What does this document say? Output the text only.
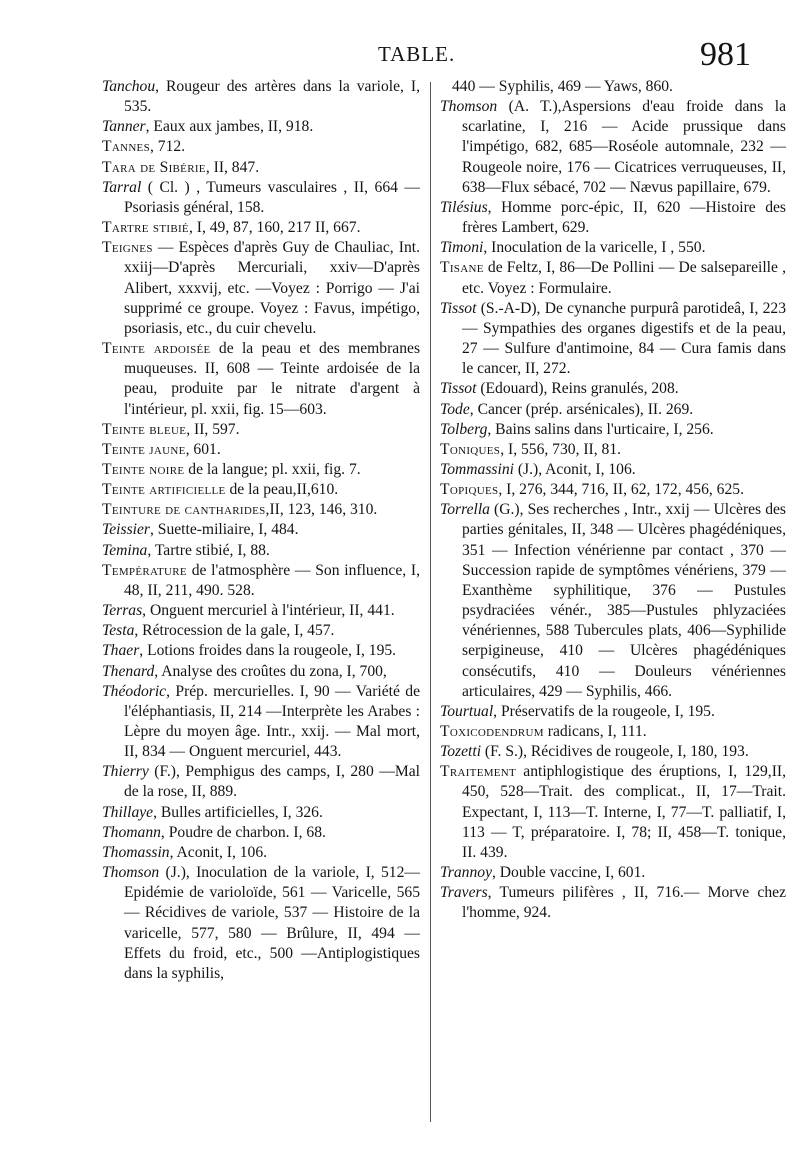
TABLE.	981
Tanchou, Rougeur des artères dans la variole, I, 535.
Tanner, Eaux aux jambes, II, 918.
Tannes, 712.
Tara de Sibérie, II, 847.
Tarral ( Cl. ) , Tumeurs vasculaires , II, 664 — Psoriasis général, 158.
Tartre stibié, I, 49, 87, 160, 217 II, 667.
Teignes — Espèces d'après Guy de Chauliac, Int. xxiij—D'après Mercuriali, xxiv—D'après Alibert, xxxvij, etc. —Voyez : Porrigo — J'ai supprimé ce groupe. Voyez : Favus, impétigo, psoriasis, etc., du cuir chevelu.
Teinte ardoisée de la peau et des membranes muqueuses. II, 608 — Teinte ardoisée de la peau, produite par le nitrate d'argent à l'intérieur, pl. xxii, fig. 15—603.
Teinte bleue, II, 597.
Teinte jaune, 601.
Teinte noire de la langue; pl. xxii, fig. 7.
Teinte artificielle de la peau,II,610.
Teinture de cantharides,II, 123, 146, 310.
Teissier, Suette-miliaire, I, 484.
Temina, Tartre stibié, I, 88.
Température de l'atmosphère — Son influence, I, 48, II, 211, 490. 528.
Terras, Onguent mercuriel à l'intérieur, II, 441.
Testa, Rétrocession de la gale, I, 457.
Thaer, Lotions froides dans la rougeole, I, 195.
Thenard, Analyse des croûtes du zona, I, 700,
Théodoric, Prép. mercurielles. I, 90 — Variété de l'éléphantiasis, II, 214 —Interprète les Arabes : Lèpre du moyen âge. Intr., xxij. — Mal mort, II, 834 — Onguent mercuriel, 443.
Thierry (F.), Pemphigus des camps, I, 280 —Mal de la rose, II, 889.
Thillaye, Bulles artificielles, I, 326.
Thomann, Poudre de charbon. I, 68.
Thomassin, Aconit, I, 106.
Thomson (J.), Inoculation de la variole, I, 512—Epidémie de varioloïde, 561 — Varicelle, 565 — Récidives de variole, 537 — Histoire de la varicelle, 577, 580 — Brûlure, II, 494 — Effets du froid, etc., 500 —Antiplogistiques dans la syphilis,
440 — Syphilis, 469 — Yaws, 860.
Thomson (A. T.),Aspersions d'eau froide dans la scarlatine, I, 216 — Acide prussique dans l'impétigo, 682, 685—Roséole automnale, 232 — Rougeole noire, 176 — Cicatrices verruqueuses, II, 638—Flux sébacé, 702 — Nævus papillaire, 679.
Tilésius, Homme porc-épic, II, 620 —Histoire des frères Lambert, 629.
Timoni, Inoculation de la varicelle, I , 550.
Tisane de Feltz, I, 86—De Pollini — De salsepareille , etc. Voyez : Formulaire.
Tissot (S.-A-D), De cynanche purpurâ parotideâ, I, 223 — Sympathies des organes digestifs et de la peau, 27 — Sulfure d'antimoine, 84 — Cura famis dans le cancer, II, 272.
Tissot (Edouard), Reins granulés, 208.
Tode, Cancer (prép. arsénicales), II. 269.
Tolberg, Bains salins dans l'urticaire, I, 256.
Toniques, I, 556, 730, II, 81.
Tommassini (J.), Aconit, I, 106.
Topiques, I, 276, 344, 716, II, 62, 172, 456, 625.
Torrella (G.), Ses recherches , Intr., xxij — Ulcères des parties génitales, II, 348 — Ulcères phagédéniques, 351 — Infection vénérienne par contact , 370 — Succession rapide de symptômes vénériens, 379 — Exanthème syphilitique, 376 — Pustules psydraciées vénér., 385—Pustules phlyzaciées vénériennes, 588 Tubercules plats, 406—Syphilide serpigineuse, 410 — Ulcères phagédéniques consécutifs, 410 — Douleurs vénériennes articulaires, 429 — Syphilis, 466.
Tourtual, Préservatifs de la rougeole, I, 195.
Toxicodendrum radicans, I, 111.
Tozetti (F. S.), Récidives de rougeole, I, 180, 193.
Traitement antiphlogistique des éruptions, I, 129,II, 450, 528—Trait. des complicat., II, 17—Trait. Expectant, I, 113—T. Interne, I, 77—T. palliatif, I, 113 — T, préparatoire. I, 78; II, 458—T. tonique, II. 439.
Trannoy, Double vaccine, I, 601.
Travers, Tumeurs pilifères , II, 716.— Morve chez l'homme, 924.
